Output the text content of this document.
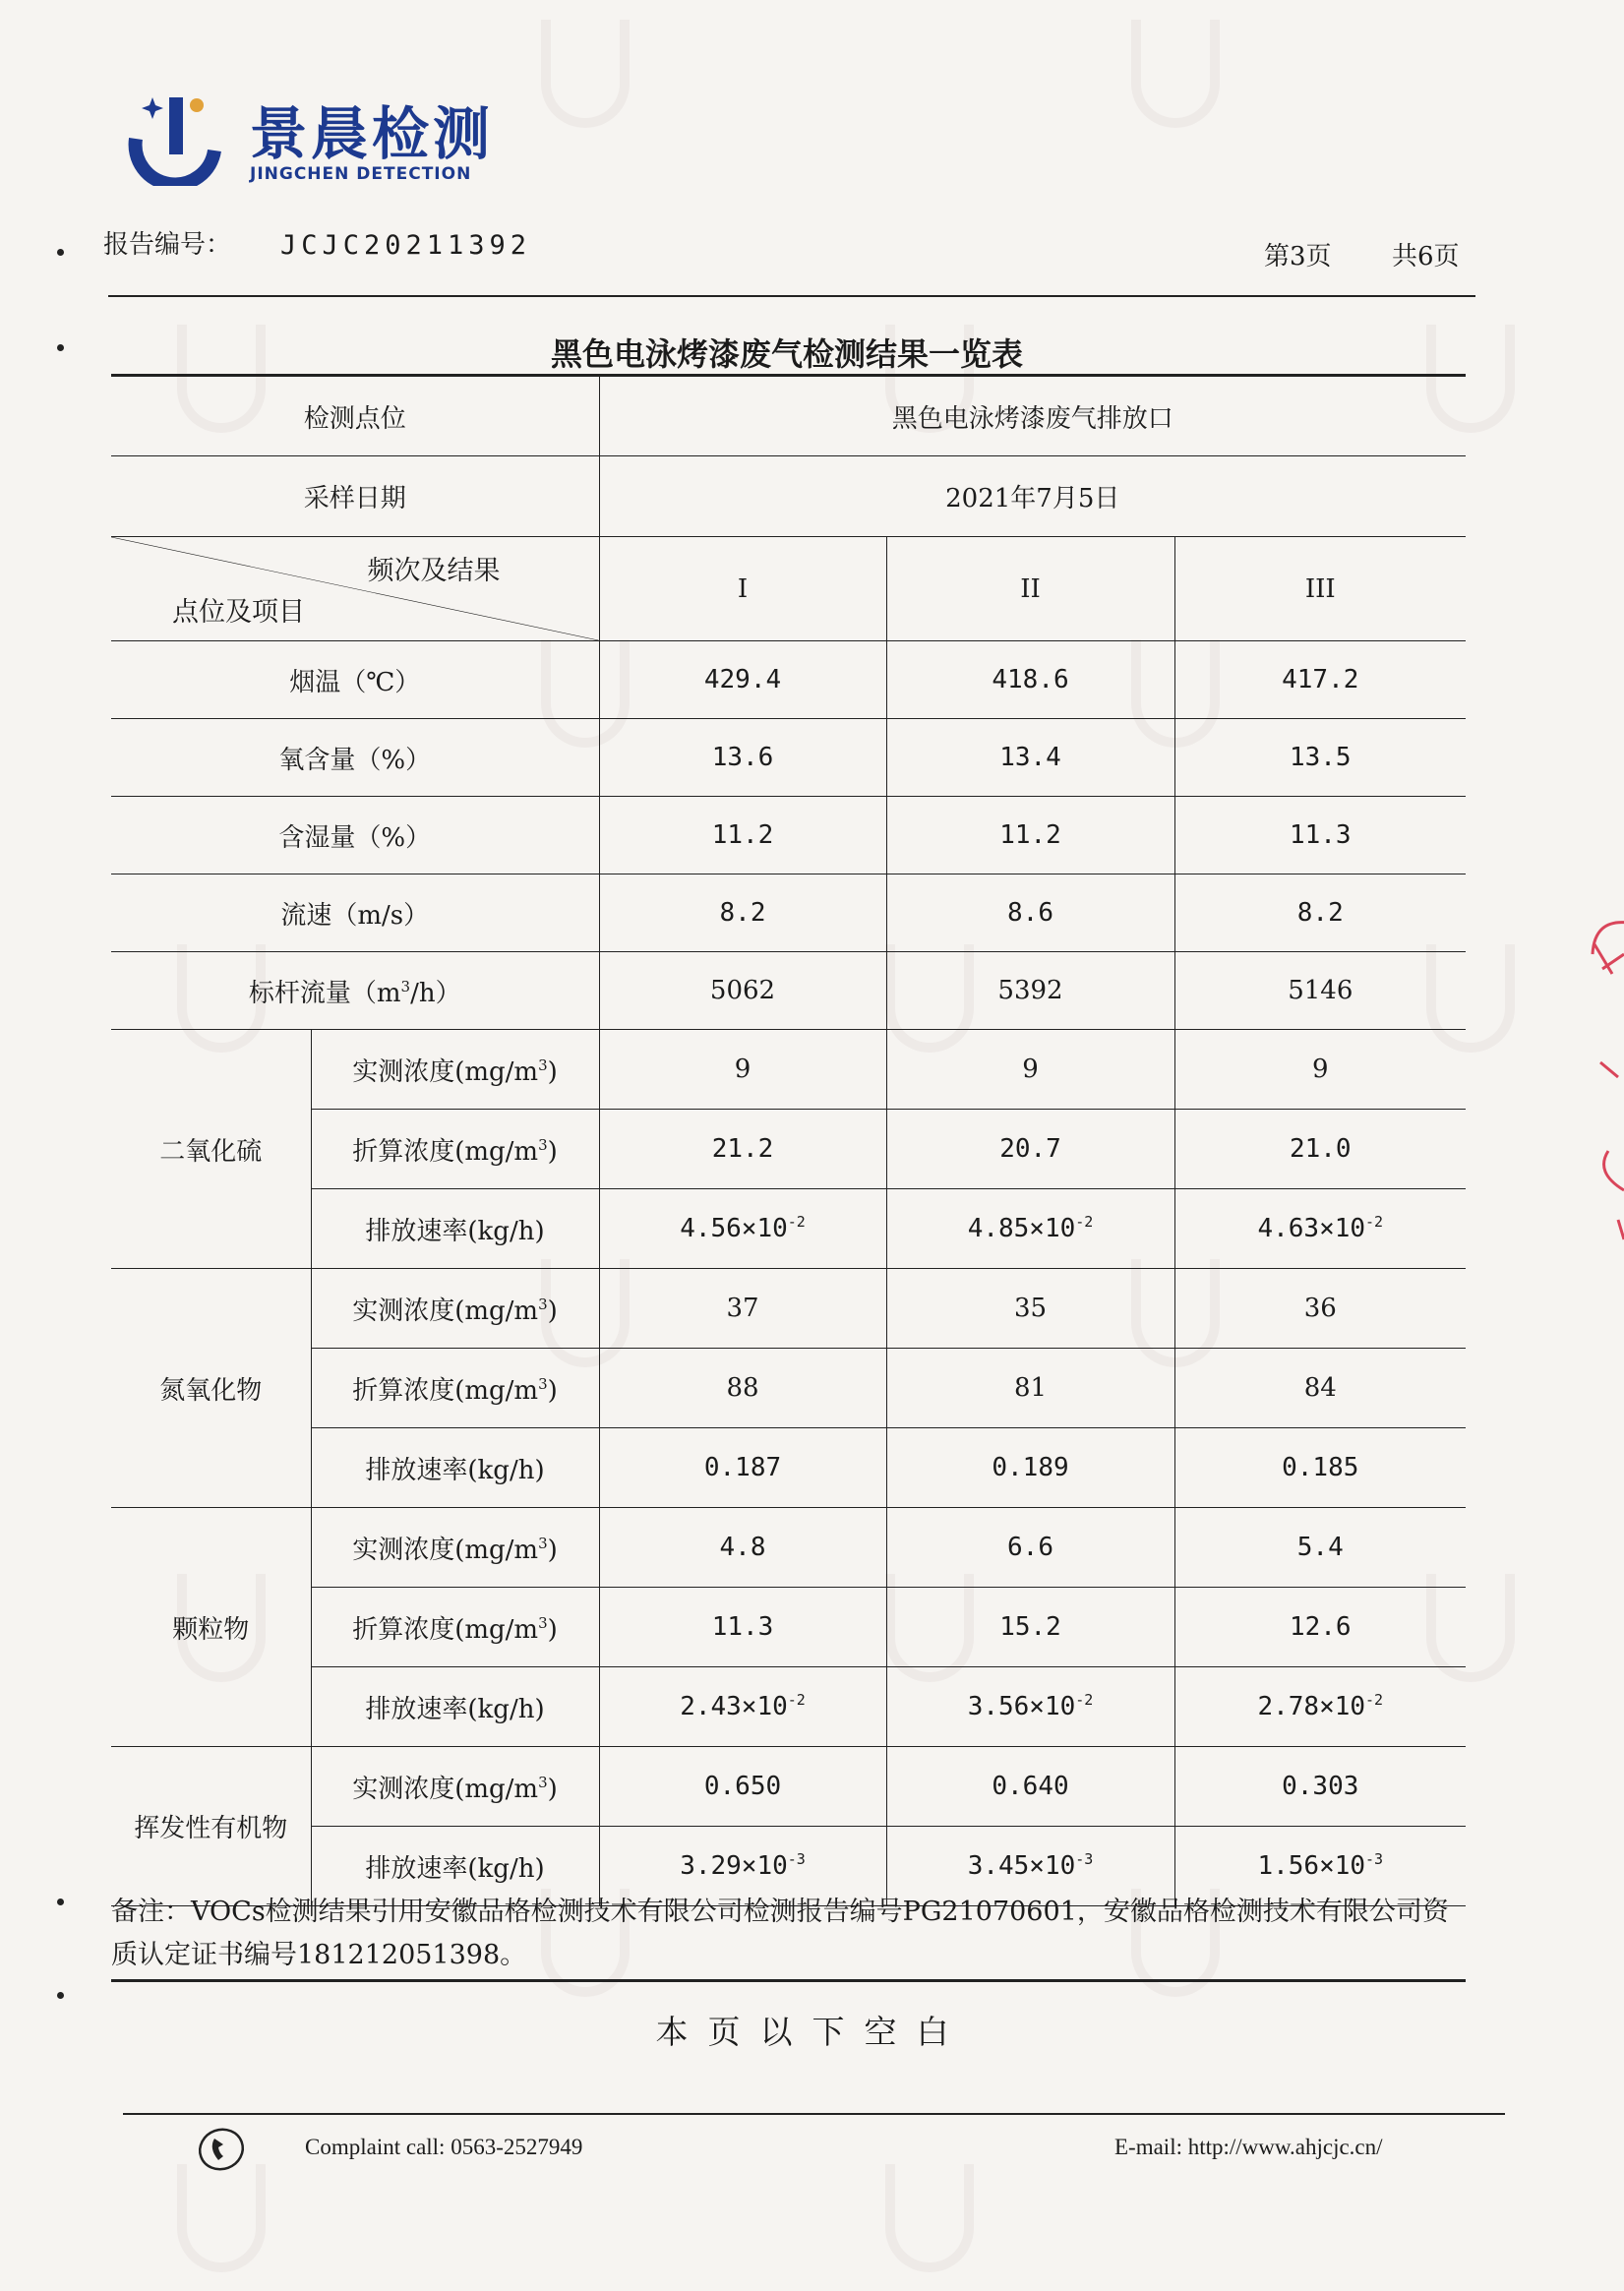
景晨检测
JINGCHEN DETECTION
报告编号： JCJC20211392	第3页 共6页
黑色电泳烤漆废气检测结果一览表
检测点位		黑色电泳烤漆废气排放口		
采样日期		2021年7月5日		

频次及结果
点位及项目		I	II	III
烟温（℃）		429.4	418.6	417.2
氧含量（%）		13.6	13.4	13.5
含湿量（%）		11.2	11.2	11.3
流速（m/s）		8.2	8.6	8.2
标杆流量$(m^3/h)$		5062	5392	5146
二氧化硫	实测浓度$(mg/m^3)$	9	9	9
	折算浓度$(mg/m^3)$	21.2	20.7	21.0
	排放速率(kg/h)	$4.56\times 10^{-2}$	$4.85\times 10^{-2}$	$4.63\times 10^{-2}$
氮氧化物	实测浓度$(mg/m^3)$	37	35	36
	折算浓度$(mg/m^3)$	88	81	84
	排放速率(kg/h)	0.187	0.189	0.185
颗粒物	实测浓度$(mg/m^3)$	4.8	6.6	5.4
	折算浓度$(mg/m^3)$	11.3	15.2	12.6
	排放速率(kg/h)	$2.43\times 10^{-2}$	$3.56\times 10^{-2}$	$2.78\times 10^{-2}$
挥发性有机物	实测浓度$(mg/m^3)$	0.650	0.640	0.303
	排放速率(kg/h)	$3.29\times 10^{-3}$	$3.45\times 10^{-3}$	$1.56\times 10^{-3}$
备注：VOCs检测结果引用安徽品格检测技术有限公司检测报告编号PG21070601，安徽品格检测技术有限公司资质认定证书编号181212051398。
本页以下空白
Complaint call: 0563-2527949	E-mail: http://www.ahjcjc.cn/
